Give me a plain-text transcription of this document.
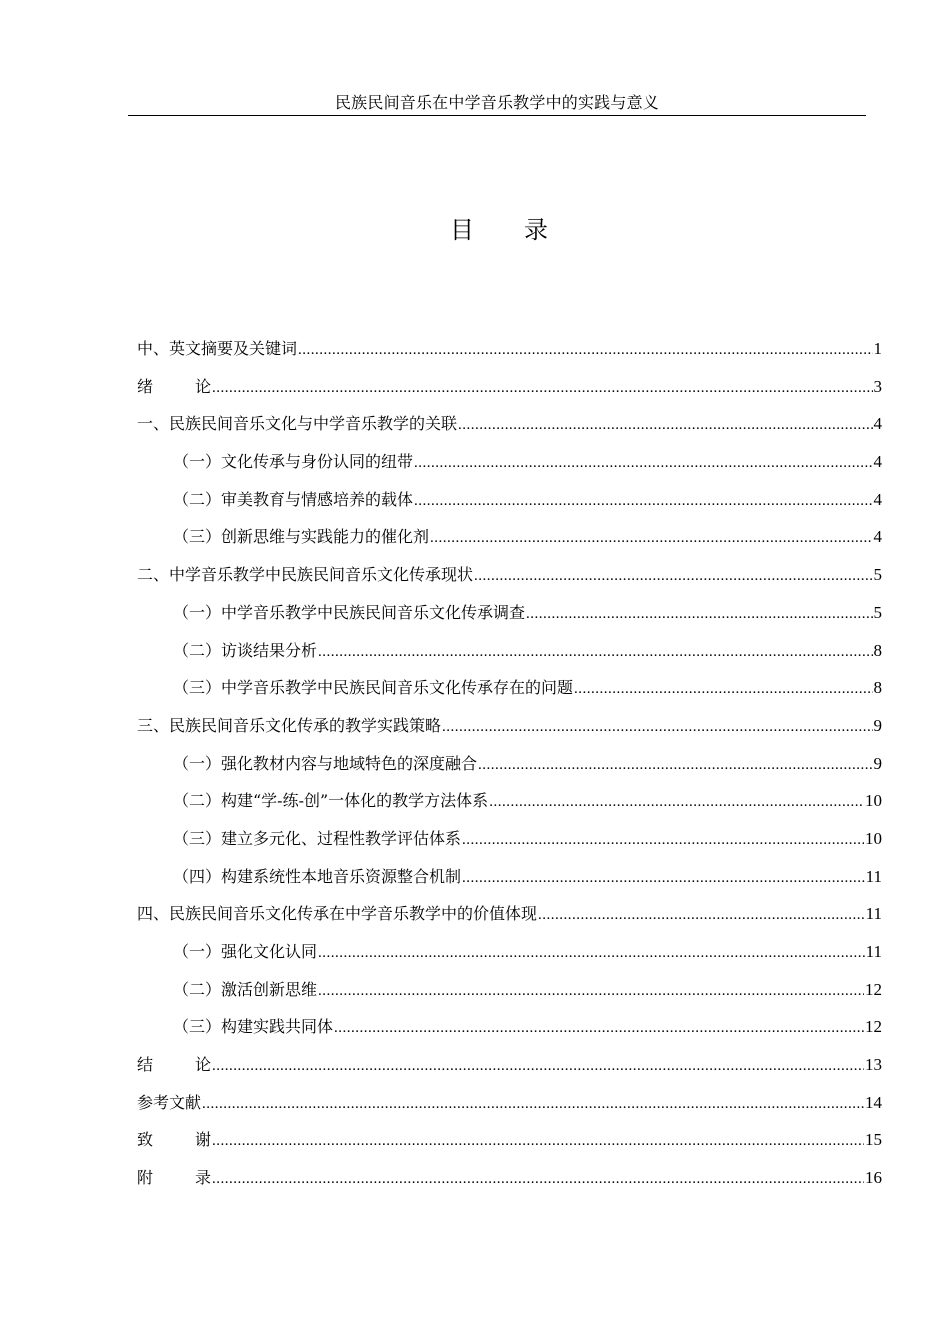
民族民间音乐在中学音乐教学中的实践与意义
目 录
中、英文摘要及关键词 .....	1
绪	论 .....	3
一、民族民间音乐文化与中学音乐教学的关联 .....	4
（一）文化传承与身份认同的纽带 .....	4
（二）审美教育与情感培养的载体 .....	4
（三）创新思维与实践能力的催化剂 .....	4
二、中学音乐教学中民族民间音乐文化传承现状 .....	5
（一）中学音乐教学中民族民间音乐文化传承调查 .....	5
（二）访谈结果分析 .....	8
（三）中学音乐教学中民族民间音乐文化传承存在的问题 .....	8
三、民族民间音乐文化传承的教学实践策略 .....	9
（一）强化教材内容与地域特色的深度融合 .....	9
（二）构建“学-练-创”一体化的教学方法体系 .....	10
（三）建立多元化、过程性教学评估体系 .....	10
（四）构建系统性本地音乐资源整合机制 .....	11
四、民族民间音乐文化传承在中学音乐教学中的价值体现 .....	11
（一）强化文化认同 .....	11
（二）激活创新思维 .....	12
（三）构建实践共同体 .....	12
结	论 .....	13
参考文献 .....	14
致	谢 .....	15
附	录 .....	16
